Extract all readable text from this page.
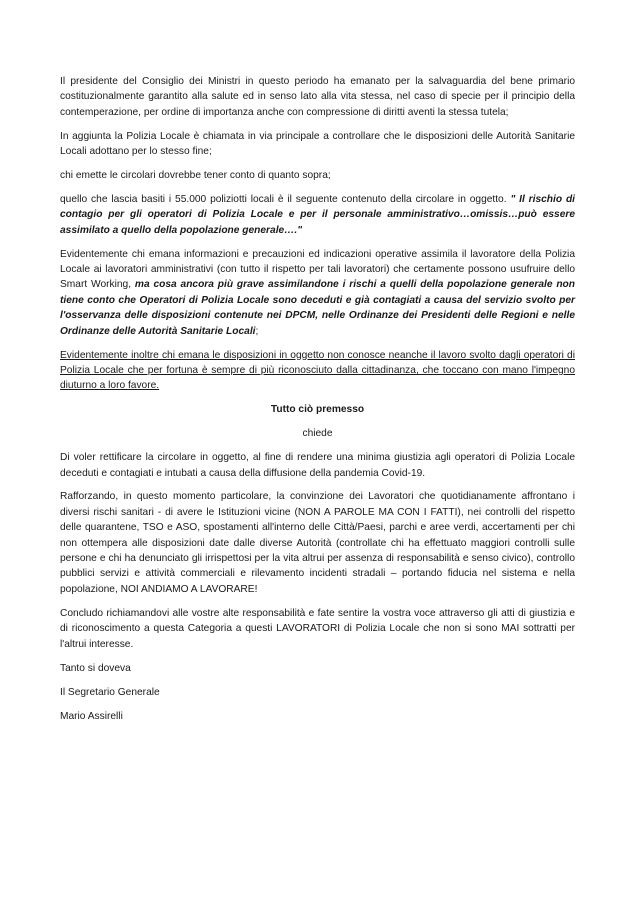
Il presidente del Consiglio dei Ministri in questo periodo ha emanato per la salvaguardia del bene primario costituzionalmente garantito alla salute ed in senso lato alla vita stessa, nel caso di specie per il principio della contemperazione, per ordine di importanza anche con compressione di diritti aventi la stessa tutela;

In aggiunta la Polizia Locale è chiamata in via principale a controllare che le disposizioni delle Autorità Sanitarie Locali adottano per lo stesso fine;

chi emette le circolari dovrebbe tener conto di quanto sopra;

quello che lascia basiti i 55.000 poliziotti locali è il seguente contenuto della circolare in oggetto. " Il rischio di contagio per gli operatori di Polizia Locale e per il personale amministrativo…omissis…può essere assimilato a quello della popolazione generale…."

Evidentemente chi emana informazioni e precauzioni ed indicazioni operative assimila il lavoratore della Polizia Locale ai lavoratori amministrativi (con tutto il rispetto per tali lavoratori) che certamente possono usufruire dello Smart Working, ma cosa ancora più grave assimilandone i rischi a quelli della popolazione generale non tiene conto che Operatori di Polizia Locale sono deceduti e già contagiati a causa del servizio svolto per l'osservanza delle disposizioni contenute nei DPCM, nelle Ordinanze dei Presidenti delle Regioni e nelle Ordinanze delle Autorità Sanitarie Locali;

Evidentemente inoltre chi emana le disposizioni in oggetto non conosce neanche il lavoro svolto dagli operatori di Polizia Locale che per fortuna è sempre di più riconosciuto dalla cittadinanza, che toccano con mano l'impegno diuturno a loro favore.

Tutto ciò premesso

chiede

Di voler rettificare la circolare in oggetto, al fine di rendere una minima giustizia agli operatori di Polizia Locale deceduti e contagiati e intubati a causa della diffusione della pandemia Covid-19.

Rafforzando, in questo momento particolare, la convinzione dei Lavoratori che quotidianamente affrontano i diversi rischi sanitari - di avere le Istituzioni vicine (NON A PAROLE MA CON I FATTI), nei controlli del rispetto delle quarantene, TSO e ASO, spostamenti all'interno delle Città/Paesi, parchi e aree verdi, accertamenti per chi non ottempera alle disposizioni date dalle diverse Autorità (controllate chi ha effettuato maggiori controlli sulle persone e chi ha denunciato gli irrispettosi per la vita altrui per assenza di responsabilità e senso civico), controllo pubblici servizi e attività commerciali e rilevamento incidenti stradali – portando fiducia nel sistema e nella popolazione, NOI ANDIAMO A LAVORARE!

Concludo richiamandovi alle vostre alte responsabilità e fate sentire la vostra voce attraverso gli atti di giustizia e di riconoscimento a questa Categoria a questi LAVORATORI di Polizia Locale che non si sono MAI sottratti per l'altrui interesse.

Tanto si doveva

Il Segretario Generale

Mario Assirelli
